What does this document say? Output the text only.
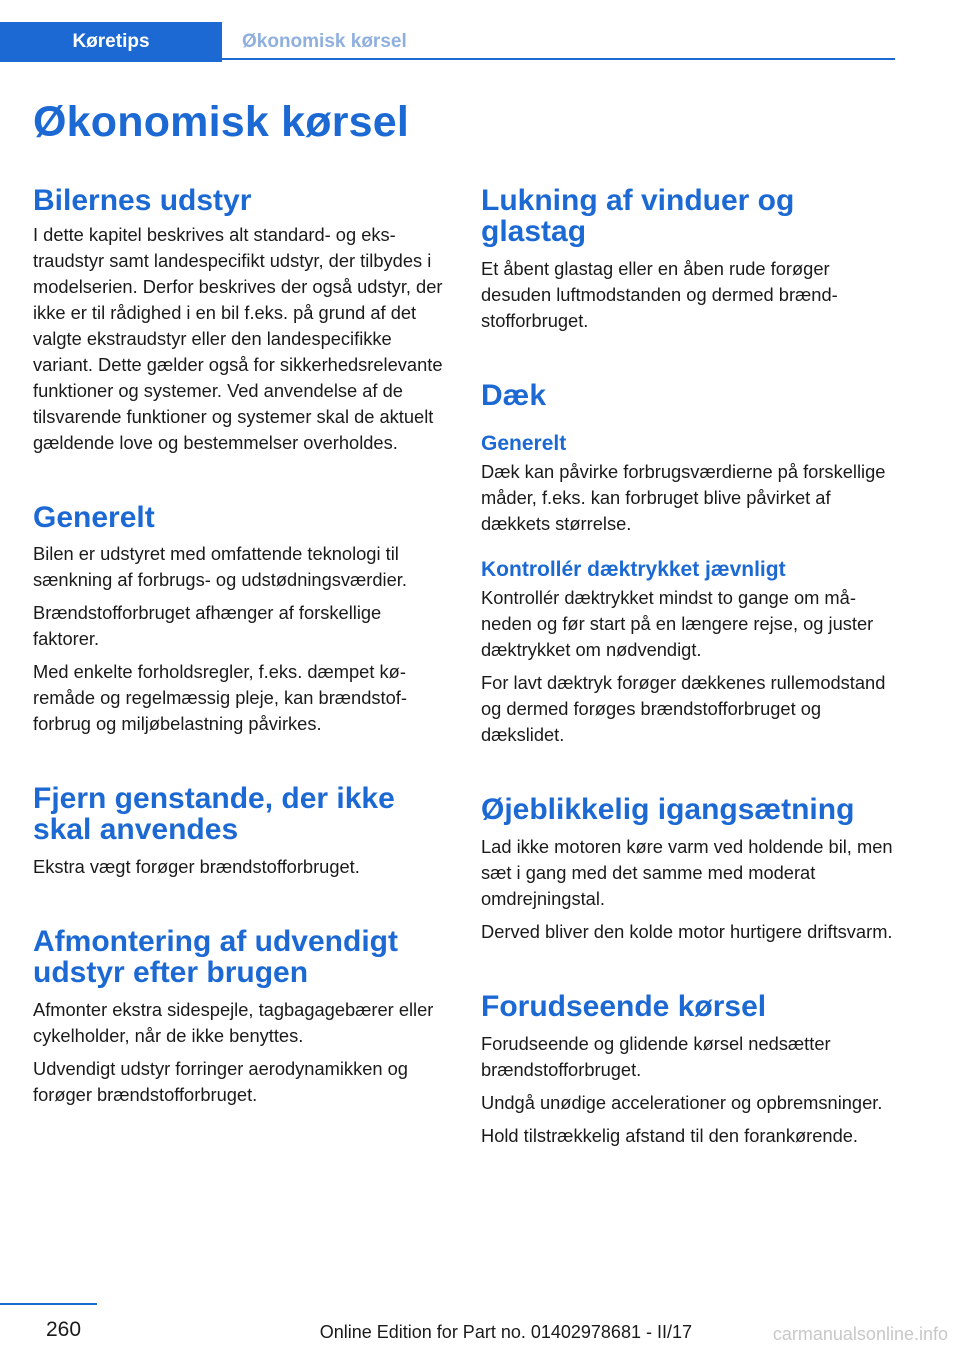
Køretips	Økonomisk kørsel
Økonomisk kørsel
Bilernes udstyr

I dette kapitel beskrives alt standard- og ekstraudstyr samt landespecifikt udstyr, der tilbydes i modelserien. Derfor beskrives der også udstyr, der ikke er til rådighed i en bil f.eks. på grund af det valgte ekstraudstyr eller den landespecifikke variant. Dette gælder også for sikkerhedsrelevante funktioner og systemer. Ved anvendelse af de tilsvarende funktioner og systemer skal de aktuelt gældende love og bestemmelser overholdes.

Generelt

Bilen er udstyret med omfattende teknologi til sænkning af forbrugs- og udstødningsværdier.

Brændstofforbruget afhænger af forskellige faktorer.

Med enkelte forholdsregler, f.eks. dæmpet køremåde og regelmæssig pleje, kan brændstofforbrug og miljøbelastning påvirkes.

Fjern genstande, der ikke skal anvendes

Ekstra vægt forøger brændstofforbruget.

Afmontering af udvendigt udstyr efter brugen

Afmonter ekstra sidespejle, tagbagagebærer eller cykelholder, når de ikke benyttes.

Udvendigt udstyr forringer aerodynamikken og forøger brændstofforbruget.

Lukning af vinduer og glastag

Et åbent glastag eller en åben rude forøger desuden luftmodstanden og dermed brændstofforbruget.

Dæk
Generelt

Dæk kan påvirke forbrugsværdierne på forskellige måder, f.eks. kan forbruget blive påvirket af dækkets størrelse.

Kontrollér dæktrykket jævnligt

Kontrollér dæktrykket mindst to gange om måneden og før start på en længere rejse, og juster dæktrykket om nødvendigt.

For lavt dæktryk forøger dækkenes rullemodstand og dermed forøges brændstofforbruget og dækslidet.

Øjeblikkelig igangsætning

Lad ikke motoren køre varm ved holdende bil, men sæt i gang med det samme med moderat omdrejningstal.

Derved bliver den kolde motor hurtigere driftsvarm.

Forudseende kørsel

Forudseende og glidende kørsel nedsætter brændstofforbruget.

Undgå unødige accelerationer og opbremsninger.

Hold tilstrækkelig afstand til den forankørende.

260	Online Edition for Part no. 01402978681 - II/17	carmanualsonline.info
